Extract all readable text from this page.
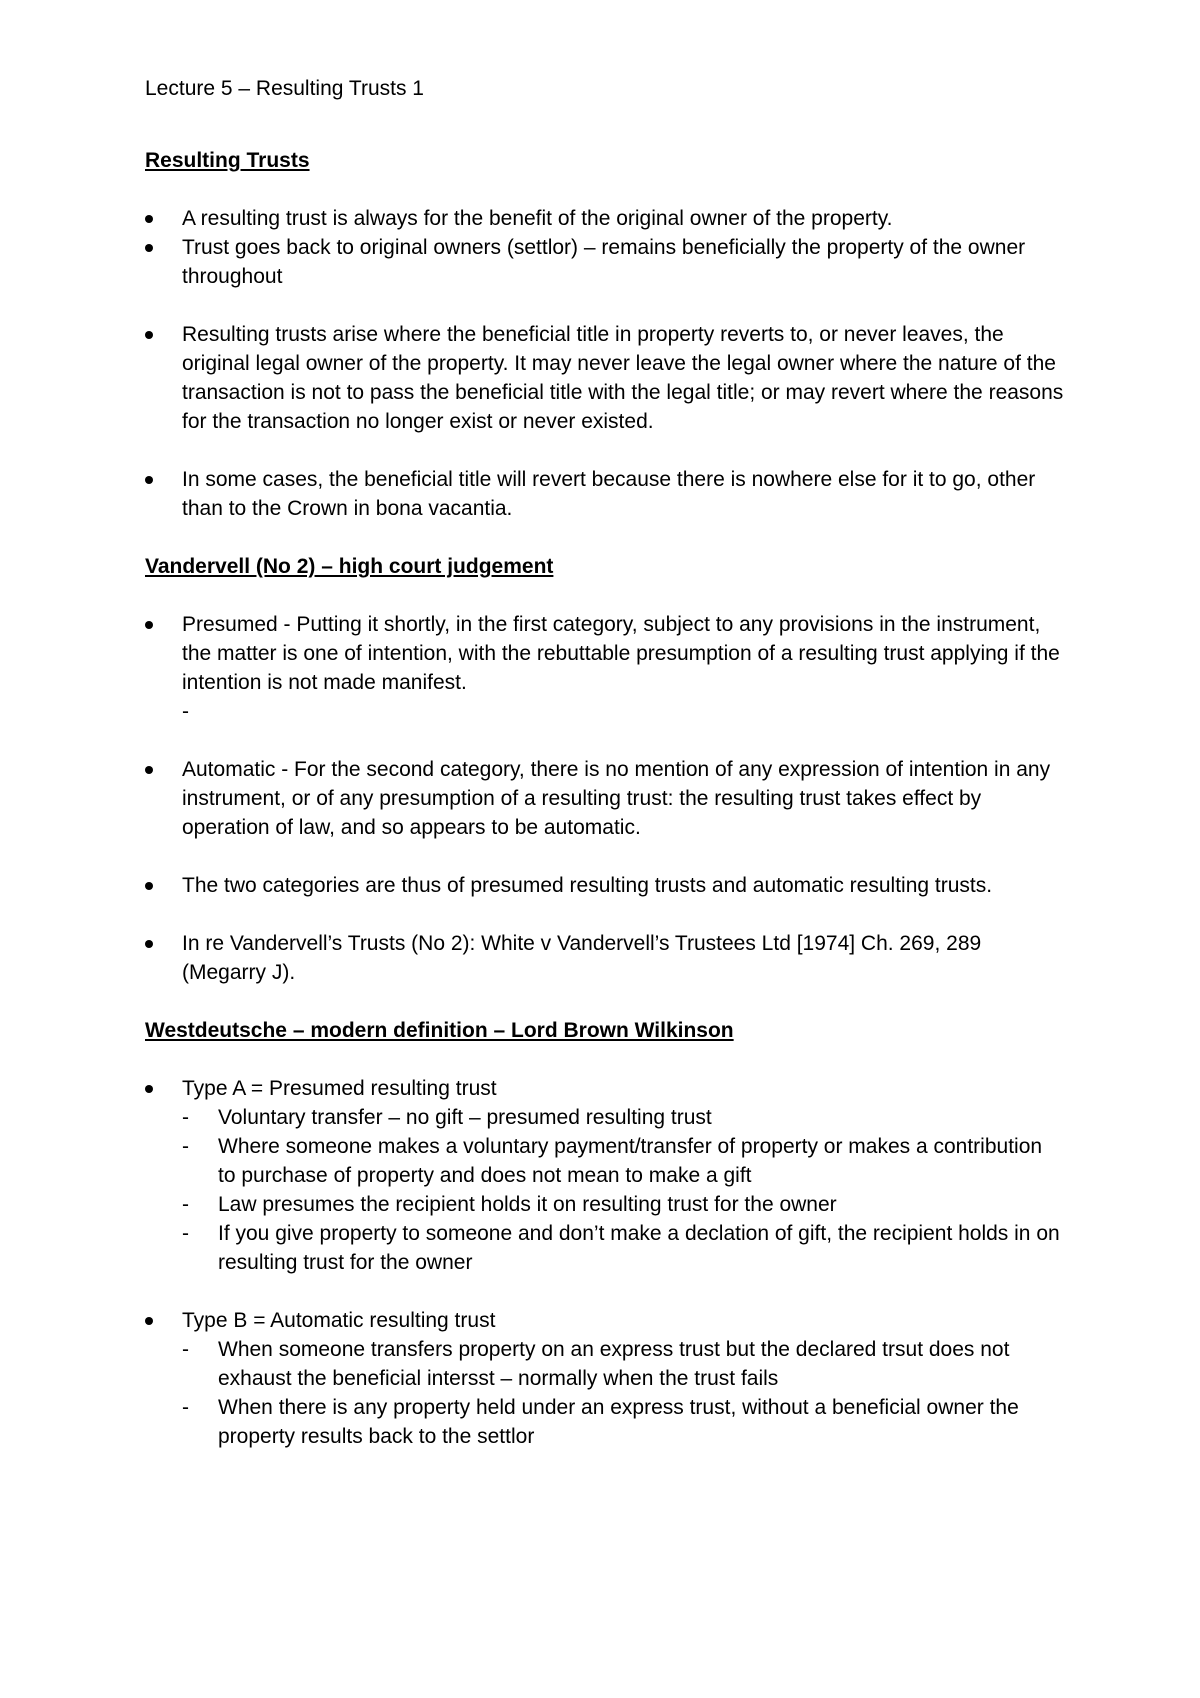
Lecture 5 – Resulting Trusts 1

Resulting Trusts
A resulting trust is always for the benefit of the original owner of the property.
Trust goes back to original owners (settlor) – remains beneficially the property of the owner throughout
Resulting trusts arise where the beneficial title in property reverts to, or never leaves, the original legal owner of the property. It may never leave the legal owner where the nature of the transaction is not to pass the beneficial title with the legal title; or may revert where the reasons for the transaction no longer exist or never existed.
In some cases, the beneficial title will revert because there is nowhere else for it to go, other than to the Crown in bona vacantia.
Vandervell (No 2) – high court judgement
Presumed - Putting it shortly, in the first category, subject to any provisions in the instrument, the matter is one of intention, with the rebuttable presumption of a resulting trust applying if the intention is not made manifest.
-
Automatic - For the second category, there is no mention of any expression of intention in any instrument, or of any presumption of a resulting trust: the resulting trust takes effect by operation of law, and so appears to be automatic.
The two categories are thus of presumed resulting trusts and automatic resulting trusts.
In re Vandervell’s Trusts (No 2): White v Vandervell’s Trustees Ltd [1974] Ch. 269, 289 (Megarry J).
Westdeutsche – modern definition – Lord Brown Wilkinson
Type A = Presumed resulting trust
- Voluntary transfer – no gift – presumed resulting trust
- Where someone makes a voluntary payment/transfer of property or makes a contribution to purchase of property and does not mean to make a gift
- Law presumes the recipient holds it on resulting trust for the owner
- If you give property to someone and don’t make a declation of gift, the recipient holds in on resulting trust for the owner
Type B = Automatic resulting trust
- When someone transfers property on an express trust but the declared trsut does not exhaust the beneficial intersst – normally when the trust fails
- When there is any property held under an express trust, without a beneficial owner the property results back to the settlor
